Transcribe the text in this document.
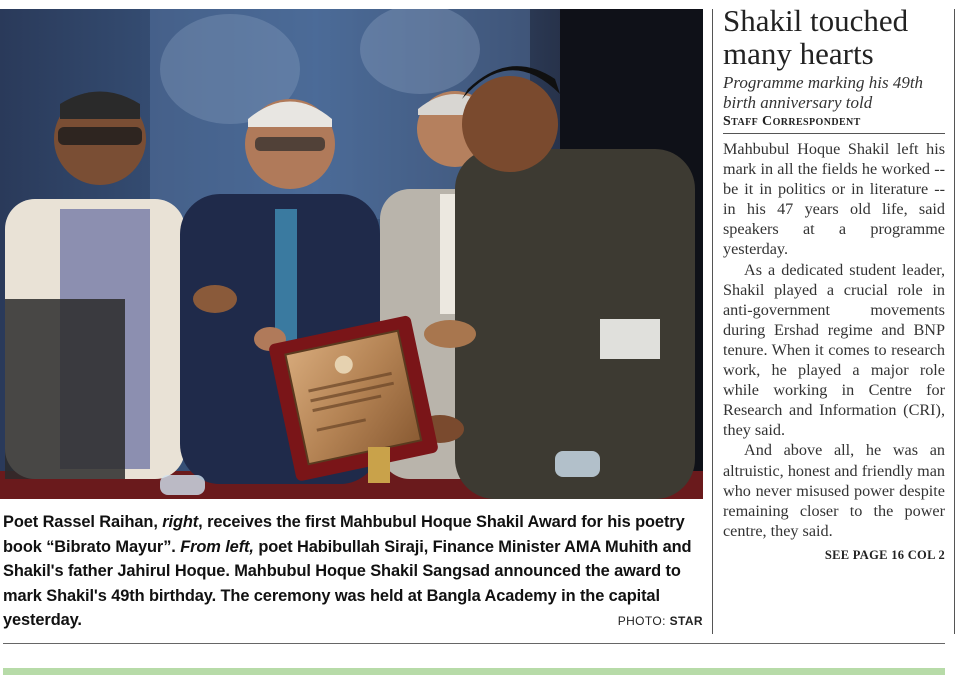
Poet Rassel Raihan, right, receives the first Mahbubul Hoque Shakil Award for his poetry book “Bibrato Mayur”. From left, poet Habibullah Siraji, Finance Minister AMA Muhith and Shakil's father Jahirul Hoque. Mahbubul Hoque Shakil Sangsad announced the award to mark Shakil's 49th birthday. The ceremony was held at Bangla Academy in the capital yesterday.	PHOTO: STAR
Shakil touched many hearts
Programme marking his 49th birth anniversary told
Staff Correspondent

Mahbubul Hoque Shakil left his mark in all the fields he worked -- be it in politics or in literature -- in his 47 years old life, said speakers at a programme yesterday.

As a dedicated student leader, Shakil played a crucial role in anti-government movements during Ershad regime and BNP tenure. When it comes to research work, he played a major role while working in Centre for Research and Information (CRI), they said.

And above all, he was an altruistic, honest and friendly man who never misused power despite remaining closer to the power centre, they said.

SEE PAGE 16 COL 2
